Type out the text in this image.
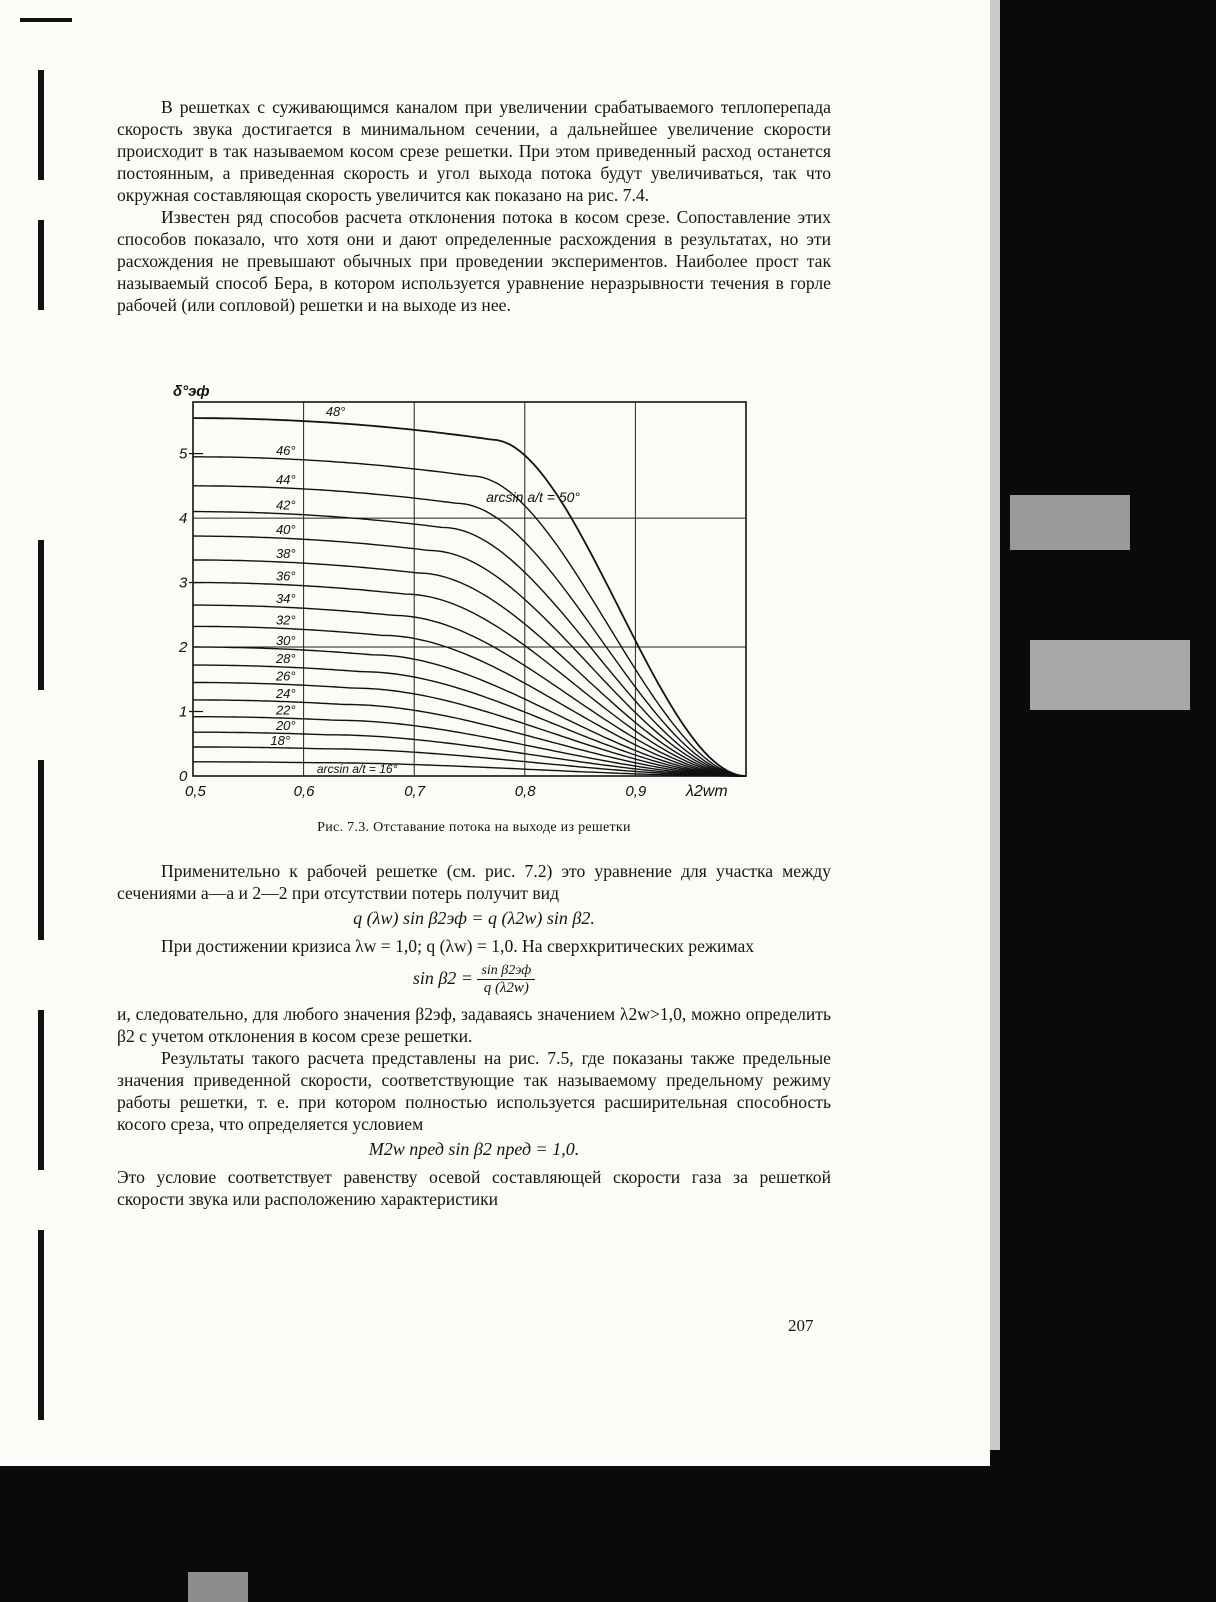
В решетках с суживающимся каналом при увеличении срабатываемого теплоперепада скорость звука достигается в минимальном сечении, а дальнейшее увеличение скорости происходит в так называемом косом срезе решетки. При этом приведенный расход останется постоянным, а приведенная скорость и угол выхода потока будут увеличиваться, так что окружная составляющая скорость увеличится как показано на рис. 7.4.

Известен ряд способов расчета отклонения потока в косом срезе. Сопоставление этих способов показало, что хотя они и дают определенные расхождения в результатах, но эти расхождения не превышают обычных при проведении экспериментов. Наиболее прост так называемый способ Бера, в котором используется уравнение неразрывности течения в горле рабочей (или сопловой) решетки и на выходе из нее.

0,5	0,6	0,7	0,8	0,9
0
1
2
3
4
5
λ2wт
δ°эф
18°
20°
22°
24°
26°
28°
30°
32°
34°
36°
38°
40°
42°
44°
46°
48°
arcsin a/t = 50°
arcsin a/t = 16°
Рис. 7.3. Отставание потока на выходе из решетки

Применительно к рабочей решетке (см. рис. 7.2) это уравнение для участка между сечениями a—a и 2—2 при отсутствии потерь получит вид

q (λw) sin β2эф = q (λ2w) sin β2.

При достижении кризиса λw = 1,0; q (λw) = 1,0. На сверхкритических режимах

$\sin \beta 2 = \frac{\text{sin β2эф}}{q (\lambda 2w)}$

и, следовательно, для любого значения β2эф, задаваясь значением λ2w>1,0, можно определить β2 с учетом отклонения в косом срезе решетки.

Результаты такого расчета представлены на рис. 7.5, где показаны также предельные значения приведенной скорости, соответствующие так называемому предельному режиму работы решетки, т. е. при котором полностью используется расширительная способность косого среза, что определяется условием

M2w пред sin β2 пред = 1,0.

Это условие соответствует равенству осевой составляющей скорости газа за решеткой скорости звука или расположению характеристики

207
